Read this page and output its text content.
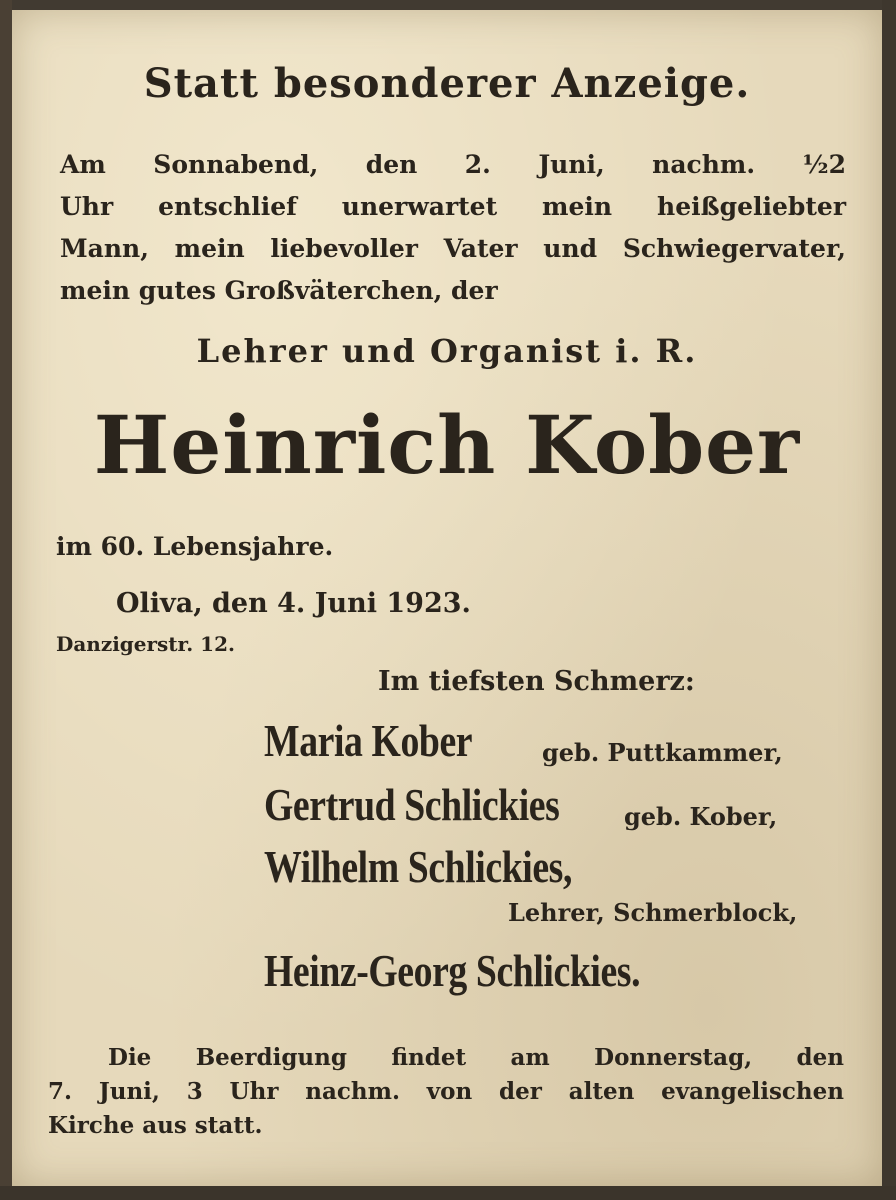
Statt besonderer Anzeige.

Am Sonnabend, den 2. Juni, nachm. ½2

Uhr entschlief unerwartet mein heißgeliebter

Mann, mein liebevoller Vater und Schwiegervater,

mein gutes Großväterchen, der

Lehrer und Organist i. R.

Heinrich Kober

im 60. Lebensjahre.

Oliva, den 4. Juni 1923.

Danzigerstr. 12.

Im tiefsten Schmerz:

Maria Kober	geb. Puttkammer,

Gertrud Schlickies	geb. Kober,

Wilhelm Schlickies,

Lehrer, Schmerblock,

Heinz-Georg Schlickies.

Die Beerdigung findet am Donnerstag, den

7. Juni, 3 Uhr nachm. von der alten evangelischen

Kirche aus statt.
